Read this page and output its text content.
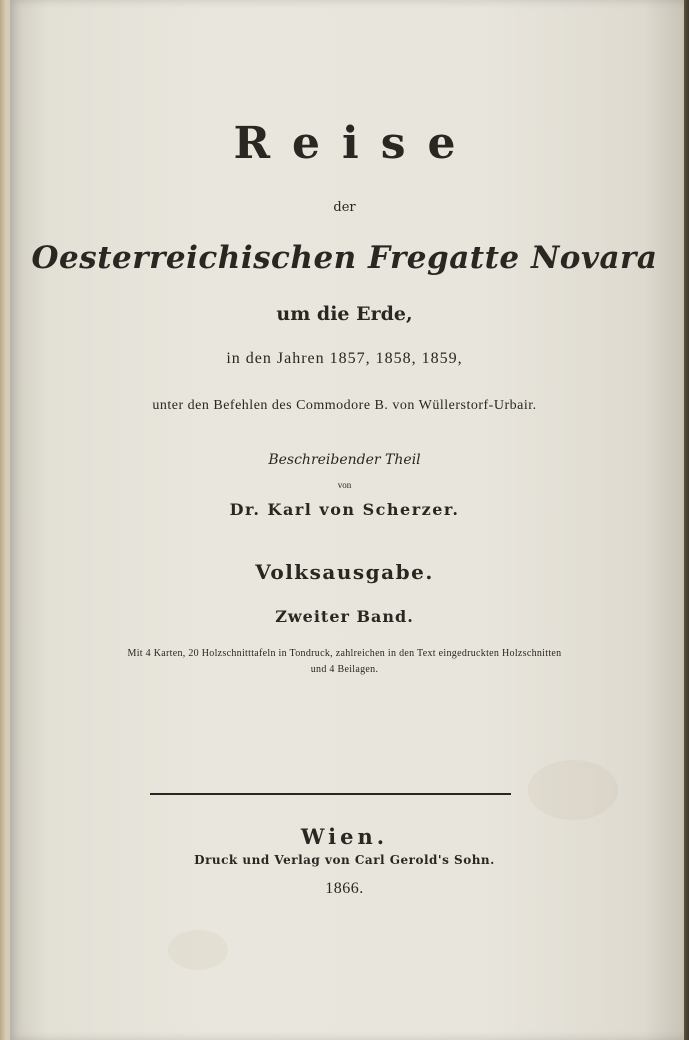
Reise
der
Oesterreichischen Fregatte Novara
um die Erde,
in den Jahren 1857, 1858, 1859,
unter den Befehlen des Commodore B. von Wüllerstorf-Urbair.
Beschreibender Theil
von
Dr. Karl von Scherzer.
Volksausgabe.
Zweiter Band.
Mit 4 Karten, 20 Holzschnitttafeln in Tondruck, zahlreichen in den Text eingedruckten Holzschnitten
und 4 Beilagen.
Wien.
Druck und Verlag von Carl Gerold's Sohn.
1866.
